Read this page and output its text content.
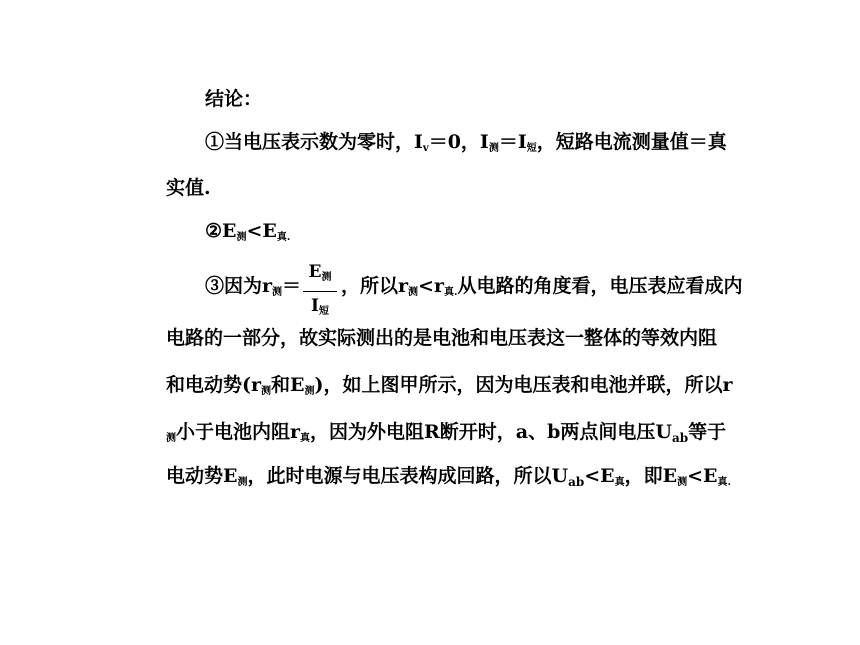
结论：
①当电压表示数为零时，$I_v=0$，$I_测=I_短$，短路电流测量值＝真
实值.
$②E_测<E_{真.}$
③因为$r_测=$ ，所以$r_测<r_{真.}$从电路的角度看，电压表应看成内
$E_测$
$I_短$
电路的一部分，故实际测出的是电池和电压表这一整体的等效内阻
和电动势($r_测$和$E_测$)，如上图甲所示，因为电压表和电池并联，所以r
$_测$小于电池内阻$r_真$，因为外电阻R断开时，a、b两点间电压$U_{ab}$等于
电动势$E_测$，此时电源与电压表构成回路，所以$U_{ab}<E_真$，即$E_测<E_{真.}$
